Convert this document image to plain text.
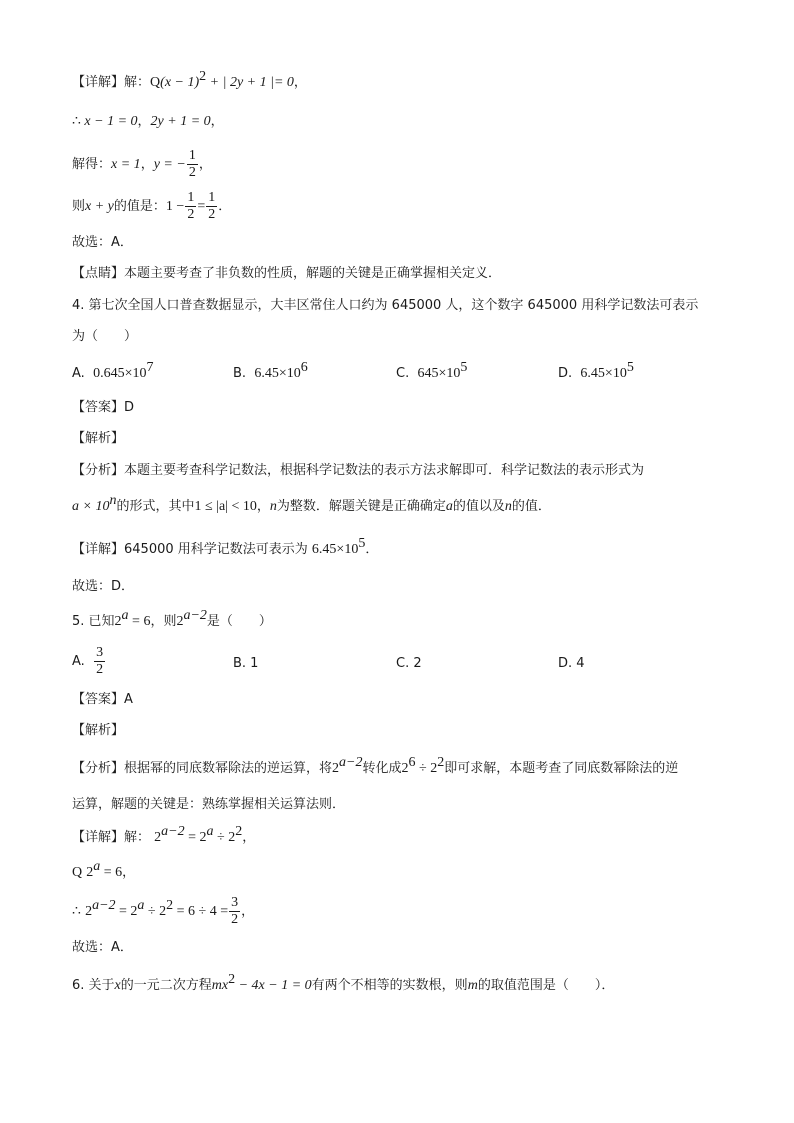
【详解】解：$Q(x - 1)^2$ + | 2y + 1 |= 0，
∴ x − 1 = 0，2y + 1 = 0，
解得：x = 1，y = − $\frac{1}{2}$ ，
则x + y的值是：$1 - \frac{1}{2} = \frac{1}{2}$ ．
故选：A．
【点睛】本题主要考查了非负数的性质，解题的关键是正确掌握相关定义．
4. 第七次全国人口普查数据显示，大丰区常住人口约为 645000 人，这个数字 645000 用科学记数法可表示
为（　　）
A. $0.645\times 10^7$	B. $6.45\times 10^6$	C. $645\times 10^5$	D. $6.45\times 10^5$
【答案】D
【解析】
【分析】本题主要考查科学记数法，根据科学记数法的表示方法求解即可．科学记数法的表示形式为
$a \times 10^n$的形式，其中1 ≤ |a| < 10，n为整数．解题关键是正确确定a的值以及n的值．
【详解】645000 用科学记数法可表示为 $6.45\times 10^5$．
故选：D．
5. 已知$2^a = 6$，则$2^{a-2}$是（　　）
A. $\frac{3}{2}$	B. 1	C. 2	D. 4
【答案】A
【解析】
【分析】根据幂的同底数幂除法的逆运算，将$2^{a-2}$转化成$2^6 \div 2^2$即可求解，本题考查了同底数幂除法的逆
运算，解题的关键是：熟练掌握相关运算法则．
【详解】解： $2^{a-2} = 2^a \div 2^2$，
Q $2^a = 6$，
∴ $2^{a-2} = 2^a \div 2^2 = 6 \div 4 = \frac{3}{2}$ ，
故选：A．
6. 关于x的一元二次方程$mx^2 - 4x - 1 = 0$有两个不相等的实数根，则m的取值范围是（　　）．
